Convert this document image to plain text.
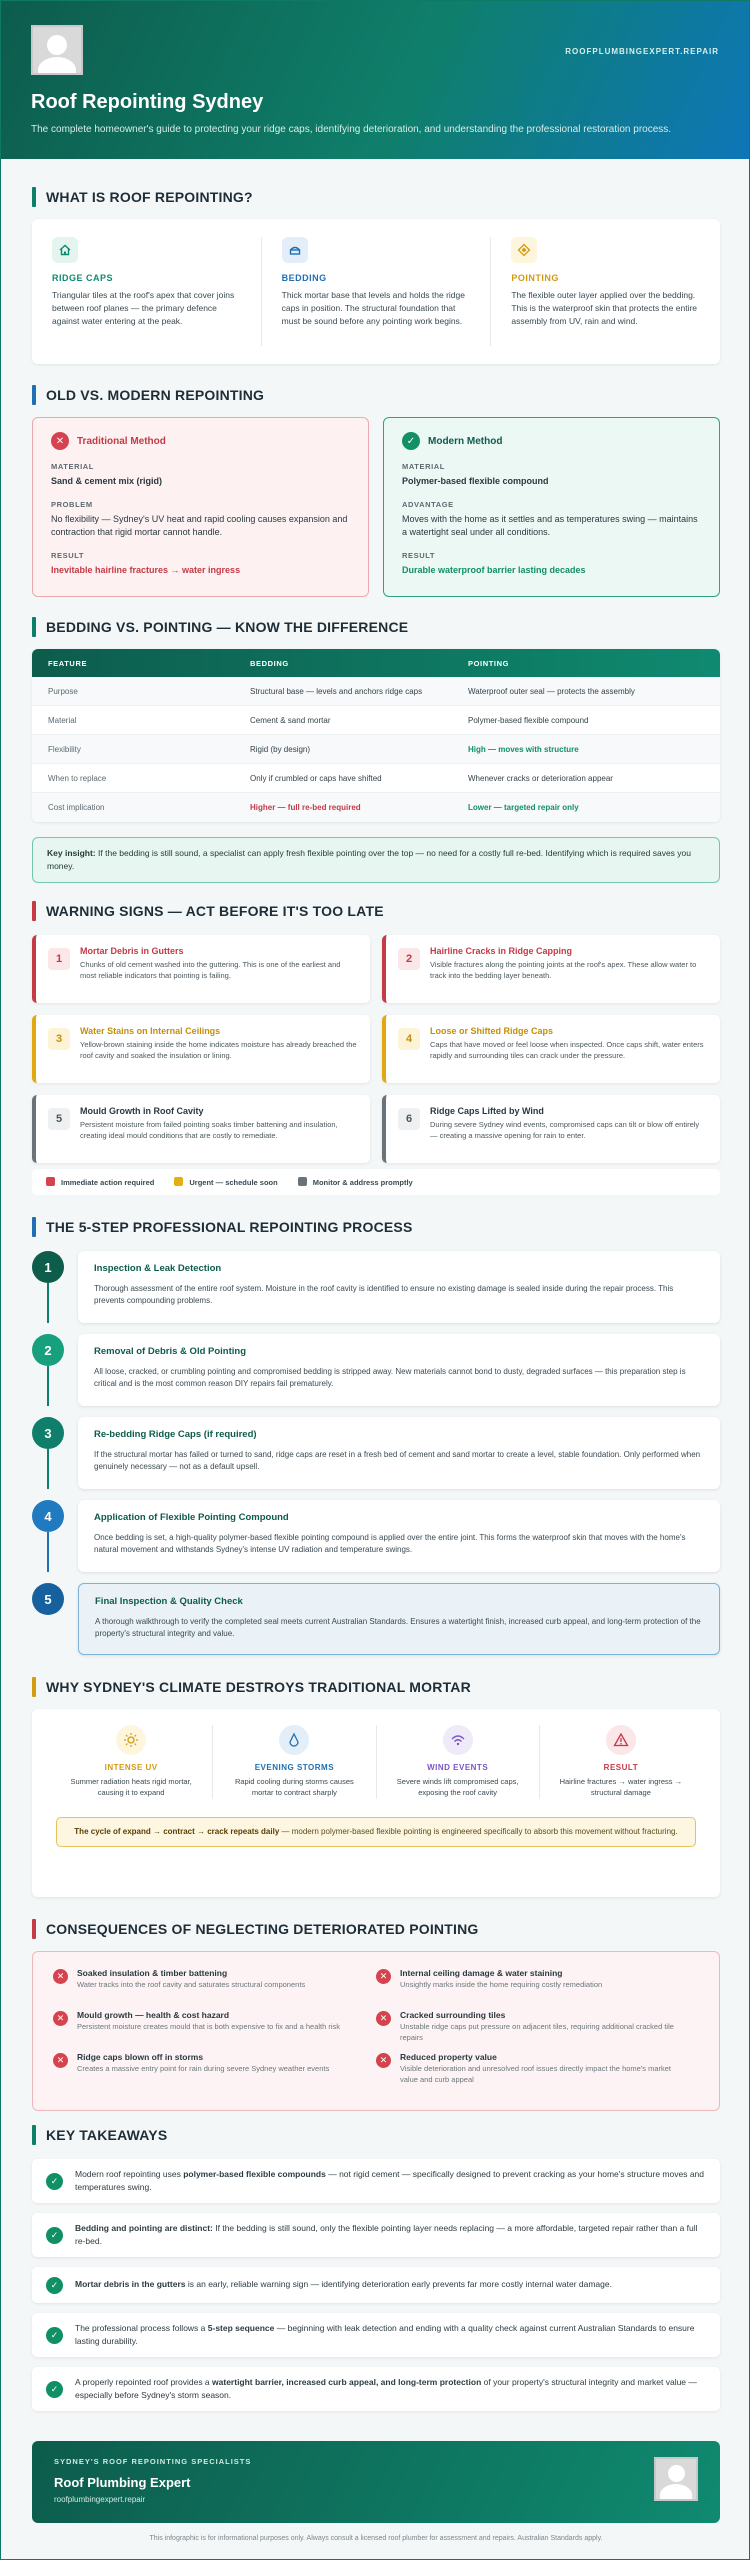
ROOFPLUMBINGEXPERT.REPAIR
Roof Repointing Sydney

The complete homeowner's guide to protecting your ridge caps, identifying deterioration, and understanding the professional restoration process.

WHAT IS ROOF REPOINTING?
RIDGE CAPS

Triangular tiles at the roof's apex that cover joins between roof planes — the primary defence against water entering at the peak.

BEDDING

Thick mortar base that levels and holds the ridge caps in position. The structural foundation that must be sound before any pointing work begins.

POINTING

The flexible outer layer applied over the bedding. This is the waterproof skin that protects the entire assembly from UV, rain and wind.

OLD VS. MODERN REPOINTING
✕	Traditional Method
MATERIAL
Sand & cement mix (rigid)
PROBLEM
No flexibility — Sydney's UV heat and rapid cooling causes expansion and contraction that rigid mortar cannot handle.
RESULT
Inevitable hairline fractures → water ingress
✓	Modern Method
MATERIAL
Polymer-based flexible compound
ADVANTAGE
Moves with the home as it settles and as temperatures swing — maintains a watertight seal under all conditions.
RESULT
Durable waterproof barrier lasting decades
BEDDING VS. POINTING — KNOW THE DIFFERENCE
FEATURE	BEDDING	POINTING
Purpose	Structural base — levels and anchors ridge caps	Waterproof outer seal — protects the assembly
Material	Cement & sand mortar	Polymer-based flexible compound
Flexibility	Rigid (by design)	High — moves with structure
When to replace	Only if crumbled or caps have shifted	Whenever cracks or deterioration appear
Cost implication	Higher — full re-bed required	Lower — targeted repair only
Key insight: If the bedding is still sound, a specialist can apply fresh flexible pointing over the top — no need for a costly full re-bed. Identifying which is required saves you money.
WARNING SIGNS — ACT BEFORE IT'S TOO LATE
1
Mortar Debris in Gutters

Chunks of old cement washed into the guttering. This is one of the earliest and most reliable indicators that pointing is failing.

2
Hairline Cracks in Ridge Capping

Visible fractures along the pointing joints at the roof's apex. These allow water to track into the bedding layer beneath.

3
Water Stains on Internal Ceilings

Yellow-brown staining inside the home indicates moisture has already breached the roof cavity and soaked the insulation or lining.

4
Loose or Shifted Ridge Caps

Caps that have moved or feel loose when inspected. Once caps shift, water enters rapidly and surrounding tiles can crack under the pressure.

5
Mould Growth in Roof Cavity

Persistent moisture from failed pointing soaks timber battening and insulation, creating ideal mould conditions that are costly to remediate.

6
Ridge Caps Lifted by Wind

During severe Sydney wind events, compromised caps can tilt or blow off entirely — creating a massive opening for rain to enter.

Immediate action required	Urgent — schedule soon	Monitor & address promptly
THE 5-STEP PROFESSIONAL REPOINTING PROCESS
1	Inspection & Leak Detection

Thorough assessment of the entire roof system. Moisture in the roof cavity is identified to ensure no existing damage is sealed inside during the repair process. This prevents compounding problems.

2	Removal of Debris & Old Pointing

All loose, cracked, or crumbling pointing and compromised bedding is stripped away. New materials cannot bond to dusty, degraded surfaces — this preparation step is critical and is the most common reason DIY repairs fail prematurely.

3	Re-bedding Ridge Caps (if required)

If the structural mortar has failed or turned to sand, ridge caps are reset in a fresh bed of cement and sand mortar to create a level, stable foundation. Only performed when genuinely necessary — not as a default upsell.

4	Application of Flexible Pointing Compound

Once bedding is set, a high-quality polymer-based flexible pointing compound is applied over the entire joint. This forms the waterproof skin that moves with the home's natural movement and withstands Sydney's intense UV radiation and temperature swings.

5	Final Inspection & Quality Check

A thorough walkthrough to verify the completed seal meets current Australian Standards. Ensures a watertight finish, increased curb appeal, and long-term protection of the property's structural integrity and value.

WHY SYDNEY'S CLIMATE DESTROYS TRADITIONAL MORTAR
INTENSE UV

Summer radiation heats rigid mortar, causing it to expand

EVENING STORMS

Rapid cooling during storms causes mortar to contract sharply

WIND EVENTS

Severe winds lift compromised caps, exposing the roof cavity

RESULT

Hairline fractures → water ingress → structural damage

The cycle of expand → contract → crack repeats daily — modern polymer-based flexible pointing is engineered specifically to absorb this movement without fracturing.
CONSEQUENCES OF NEGLECTING DETERIORATED POINTING
✕	Soaked insulation & timber battening

Water tracks into the roof cavity and saturates structural components

✕	Internal ceiling damage & water staining

Unsightly marks inside the home requiring costly remediation

✕	Mould growth — health & cost hazard

Persistent moisture creates mould that is both expensive to fix and a health risk

✕	Cracked surrounding tiles

Unstable ridge caps put pressure on adjacent tiles, requiring additional cracked tile repairs

✕	Ridge caps blown off in storms

Creates a massive entry point for rain during severe Sydney weather events

✕	Reduced property value

Visible deterioration and unresolved roof issues directly impact the home's market value and curb appeal

KEY TAKEAWAYS
✓

Modern roof repointing uses polymer-based flexible compounds — not rigid cement — specifically designed to prevent cracking as your home's structure moves and temperatures swing.

✓

Bedding and pointing are distinct: If the bedding is still sound, only the flexible pointing layer needs replacing — a more affordable, targeted repair rather than a full re-bed.

✓	Mortar debris in the gutters is an early, reliable warning sign — identifying deterioration early prevents far more costly internal water damage.

✓

The professional process follows a 5-step sequence — beginning with leak detection and ending with a quality check against current Australian Standards to ensure lasting durability.

✓

A properly repointed roof provides a watertight barrier, increased curb appeal, and long-term protection of your property's structural integrity and market value — especially before Sydney's storm season.

SYDNEY'S ROOF REPOINTING SPECIALISTS
Roof Plumbing Expert
roofplumbingexpert.repair
This infographic is for informational purposes only. Always consult a licensed roof plumber for assessment and repairs. Australian Standards apply.
